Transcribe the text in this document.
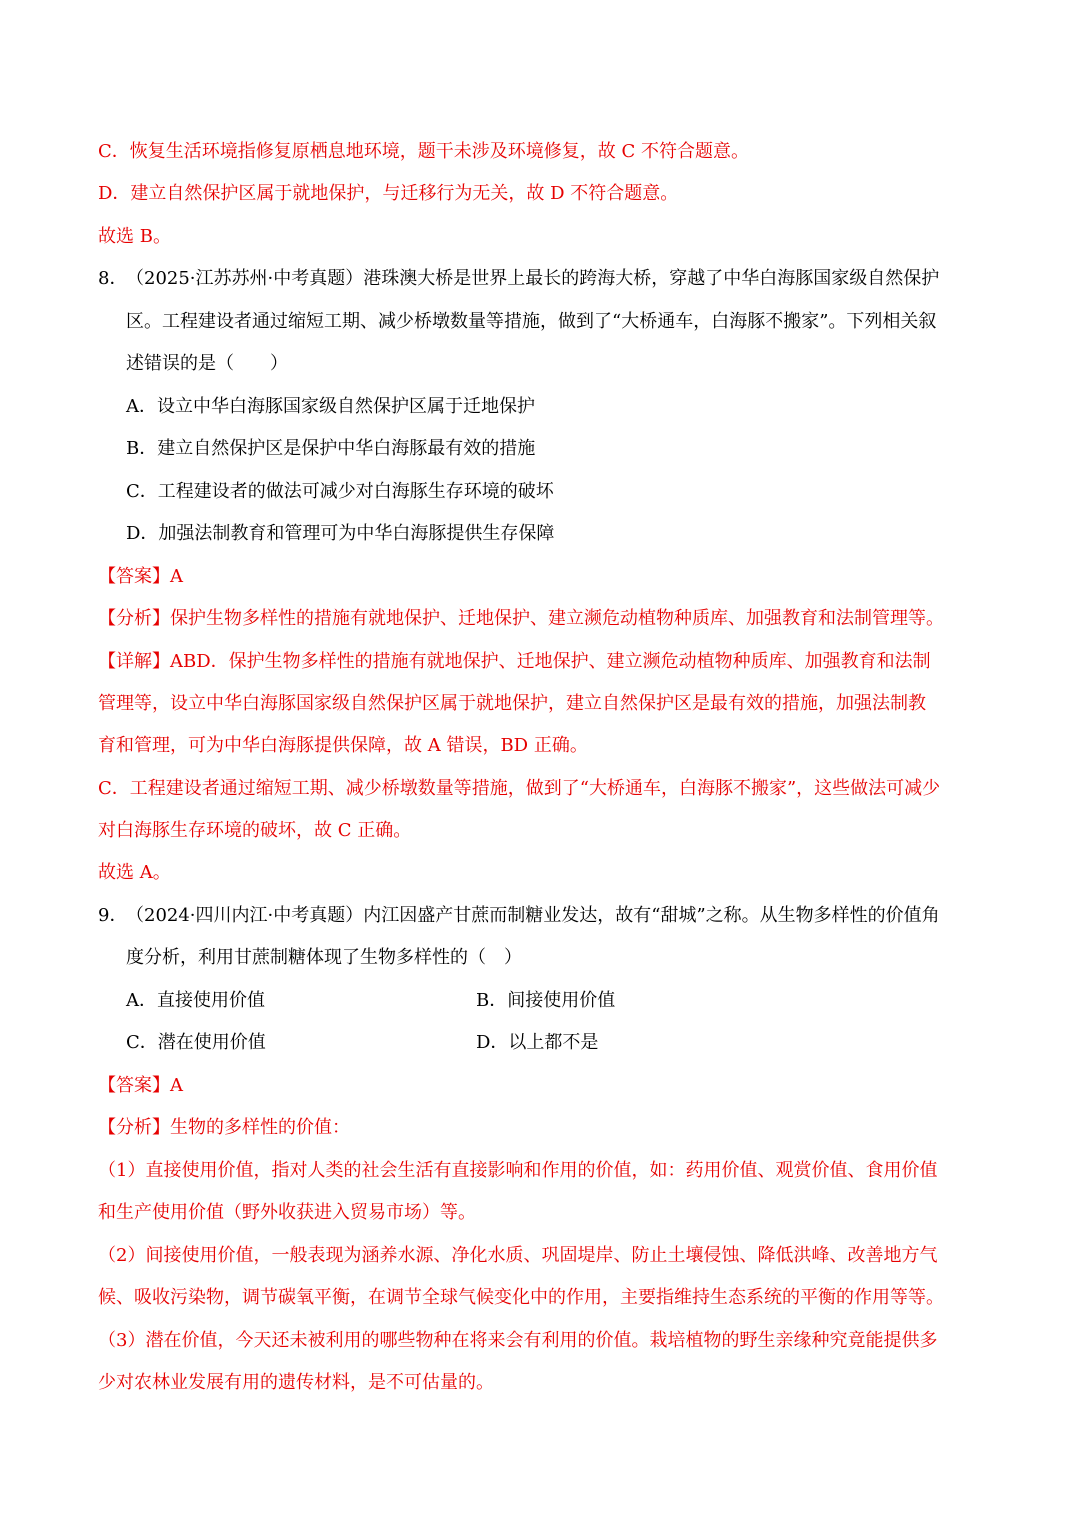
C．恢复生活环境指修复原栖息地环境，题干未涉及环境修复，故 C 不符合题意。
D．建立自然保护区属于就地保护，与迁移行为无关，故 D 不符合题意。
故选 B。
8．
（2025·江苏苏州·中考真题）港珠澳大桥是世界上最长的跨海大桥，穿越了中华白海豚国家级自然保护
区。工程建设者通过缩短工期、减少桥墩数量等措施，做到了“大桥通车，白海豚不搬家”。下列相关叙
述错误的是（　　）
A．设立中华白海豚国家级自然保护区属于迁地保护
B．建立自然保护区是保护中华白海豚最有效的措施
C．工程建设者的做法可减少对白海豚生存环境的破坏
D．加强法制教育和管理可为中华白海豚提供生存保障
【答案】A
【分析】保护生物多样性的措施有就地保护、迁地保护、建立濒危动植物种质库、加强教育和法制管理等。
【详解】ABD．保护生物多样性的措施有就地保护、迁地保护、建立濒危动植物种质库、加强教育和法制
管理等，设立中华白海豚国家级自然保护区属于就地保护，建立自然保护区是最有效的措施，加强法制教
育和管理，可为中华白海豚提供保障，故 A 错误，BD 正确。
C．工程建设者通过缩短工期、减少桥墩数量等措施，做到了“大桥通车，白海豚不搬家”，这些做法可减少
对白海豚生存环境的破坏，故 C 正确。
故选 A。
9．
（2024·四川内江·中考真题）内江因盛产甘蔗而制糖业发达，故有“甜城”之称。从生物多样性的价值角
度分析，利用甘蔗制糖体现了生物多样性的（　）
A．直接使用价值	B．间接使用价值
C．潜在使用价值	D．以上都不是
【答案】A
【分析】生物的多样性的价值：
（1）直接使用价值，指对人类的社会生活有直接影响和作用的价值，如：药用价值、观赏价值、食用价值
和生产使用价值（野外收获进入贸易市场）等。
（2）间接使用价值，一般表现为涵养水源、净化水质、巩固堤岸、防止土壤侵蚀、降低洪峰、改善地方气
候、吸收污染物，调节碳氧平衡，在调节全球气候变化中的作用，主要指维持生态系统的平衡的作用等等。
（3）潜在价值，今天还未被利用的哪些物种在将来会有利用的价值。栽培植物的野生亲缘种究竟能提供多
少对农林业发展有用的遗传材料，是不可估量的。
